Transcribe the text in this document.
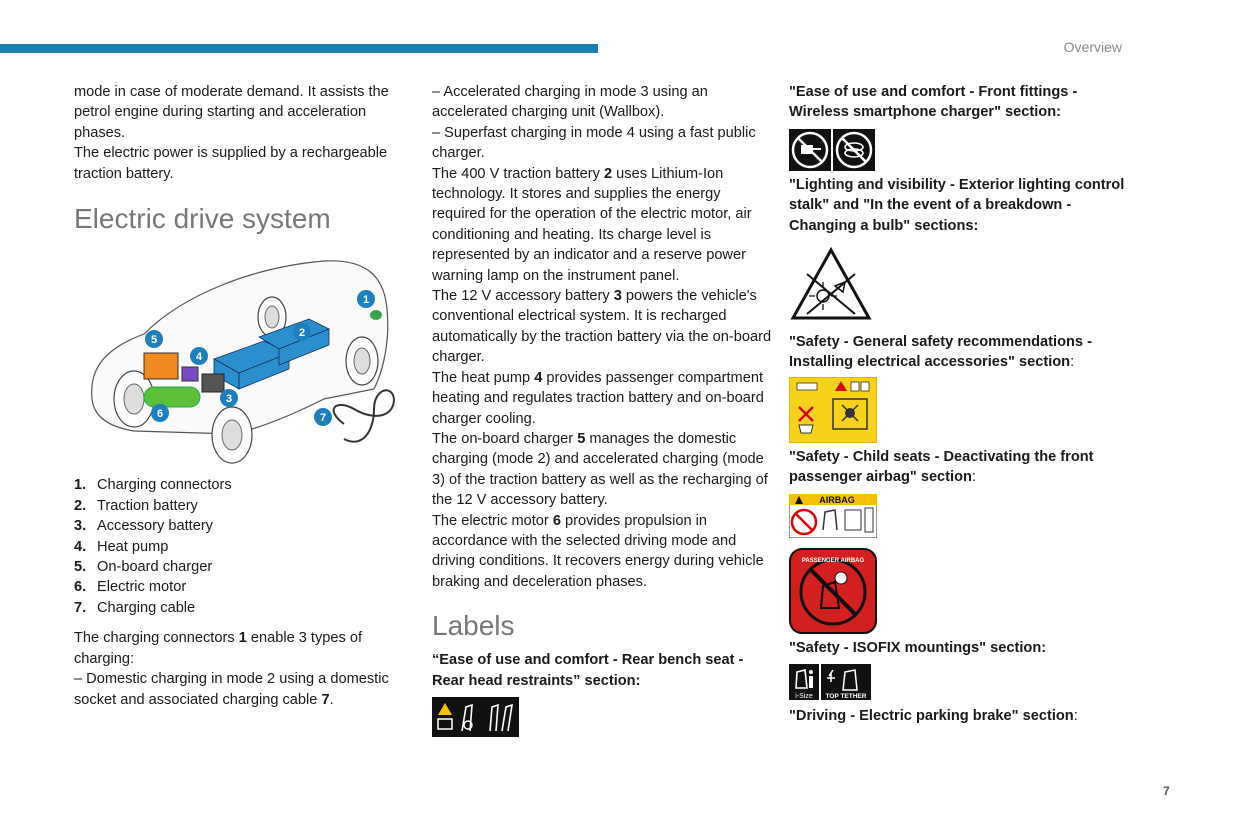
Overview

mode in case of moderate demand. It assists the petrol engine during starting and acceleration phases.

The electric power is supplied by a rechargeable traction battery.

Electric drive system
1
2
3
4
5
6	7
1. Charging connectors
2. Traction battery
3. Accessory battery
4. Heat pump
5. On-board charger
6. Electric motor
7. Charging cable

The charging connectors 1 enable 3 types of charging:

– Domestic charging in mode 2 using a domestic socket and associated charging cable 7.

– Accelerated charging in mode 3 using an accelerated charging unit (Wallbox).

– Superfast charging in mode 4 using a fast public charger.

The 400 V traction battery 2 uses Lithium-Ion technology. It stores and supplies the energy required for the operation of the electric motor, air conditioning and heating. Its charge level is represented by an indicator and a reserve power warning lamp on the instrument panel.

The 12 V accessory battery 3 powers the vehicle's conventional electrical system. It is recharged automatically by the traction battery via the on-board charger.

The heat pump 4 provides passenger compartment heating and regulates traction battery and on-board charger cooling.

The on-board charger 5 manages the domestic charging (mode 2) and accelerated charging (mode 3) of the traction battery as well as the recharging of the 12 V accessory battery.

The electric motor 6 provides propulsion in accordance with the selected driving mode and driving conditions. It recovers energy during vehicle braking and deceleration phases.

Labels

“Ease of use and comfort - Rear bench seat - Rear head restraints” section:

"Ease of use and comfort - Front fittings - Wireless smartphone charger" section:

"Lighting and visibility - Exterior lighting control stalk" and "In the event of a breakdown - Changing a bulb" sections:

"Safety - General safety recommendations - Installing electrical accessories" section:

"Safety - Child seats - Deactivating the front passenger airbag" section:

AIRBAG
PASSENGER AIRBAG

"Safety - ISOFIX mountings" section:

i-Size TOP TETHER

"Driving - Electric parking brake" section:

7
